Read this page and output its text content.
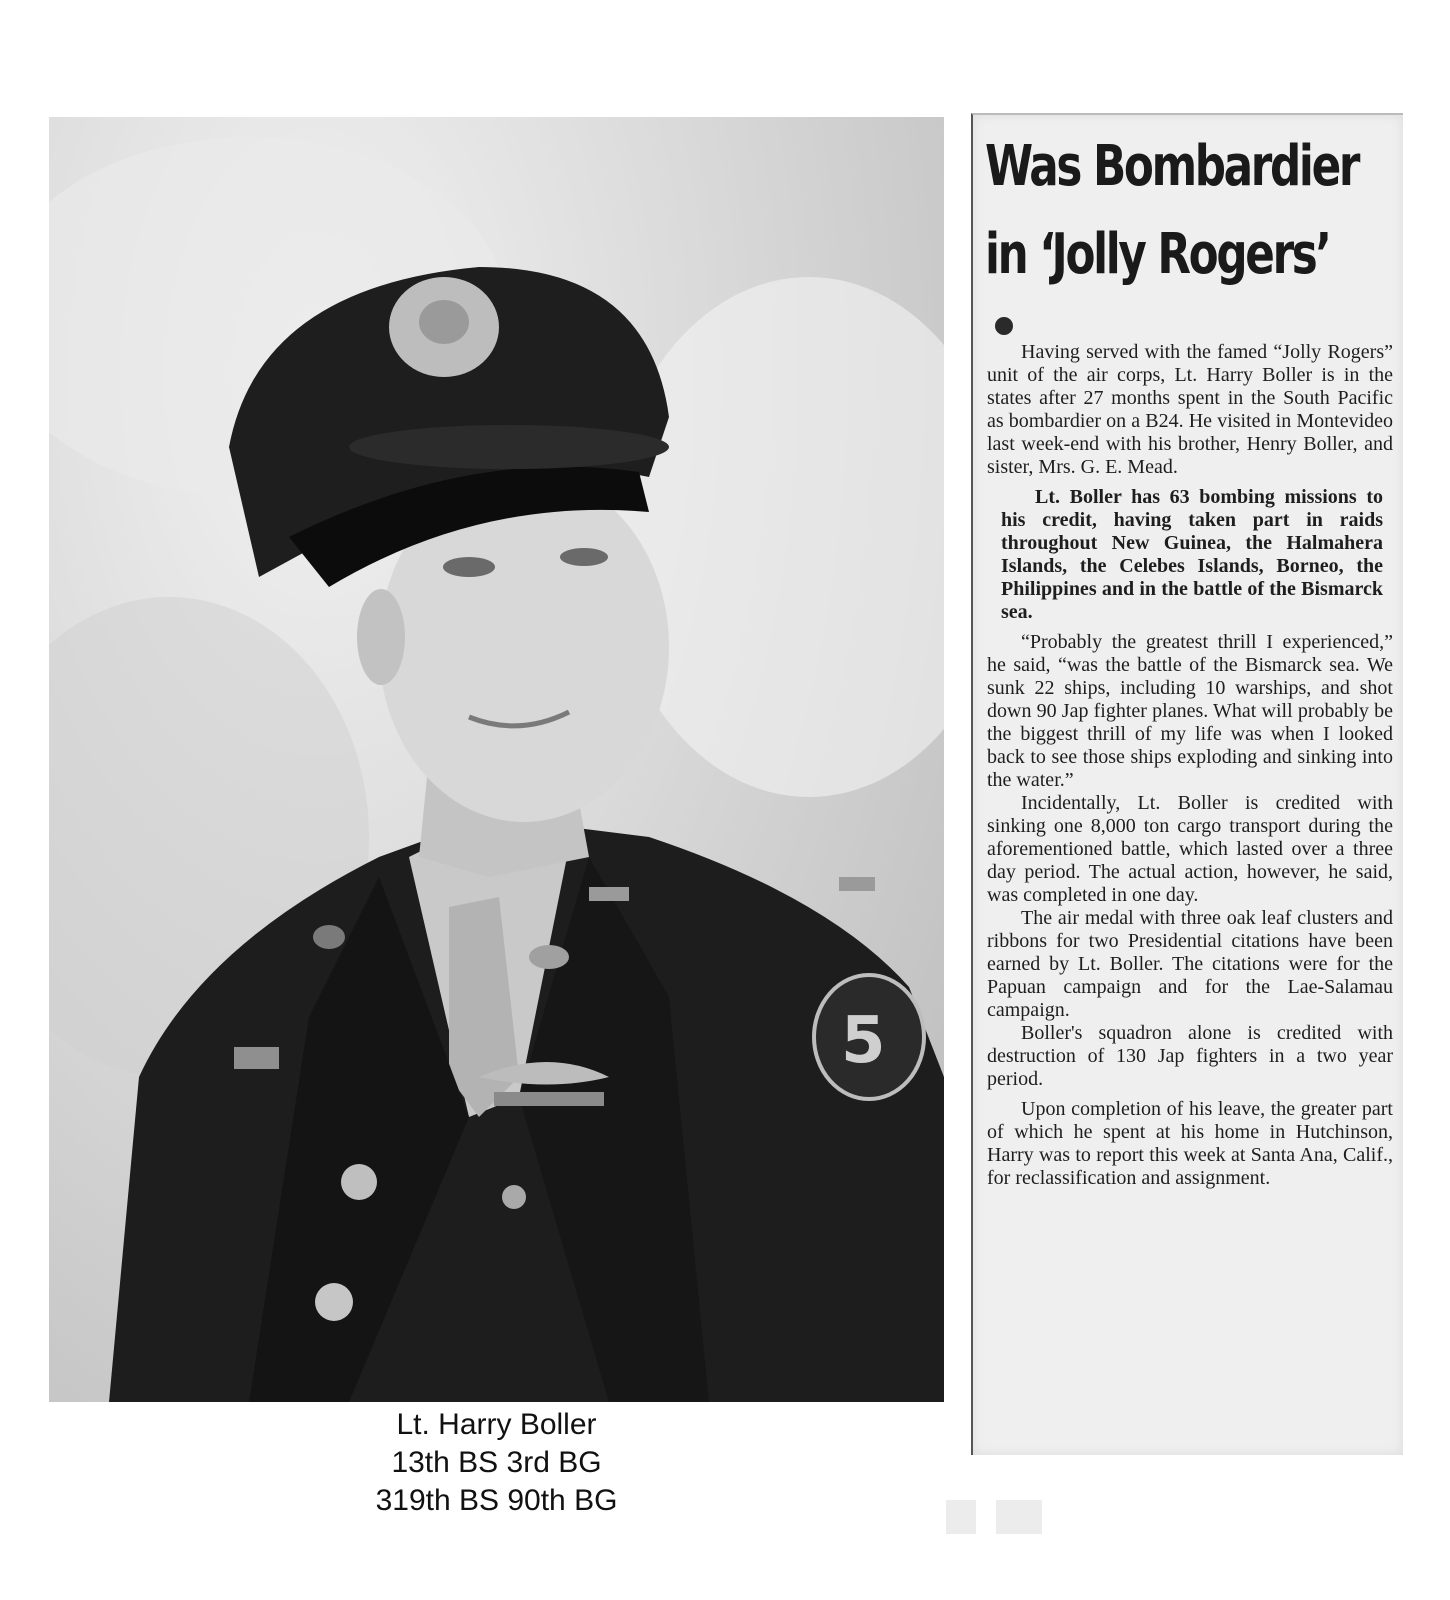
5
Lt. Harry Boller
13th BS 3rd BG
319th BS 90th BG
Was Bombardier
in ‘Jolly Rogers’

Having served with the famed “Jolly Rogers” unit of the air corps, Lt. Harry Boller is in the states after 27 months spent in the South Pacific as bombardier on a B24. He visited in Montevideo last week-end with his brother, Henry Boller, and sister, Mrs. G. E. Mead.

Lt. Boller has 63 bombing missions to his credit, having taken part in raids throughout New Guinea, the Halmahera Islands, the Celebes Islands, Borneo, the Philippines and in the battle of the Bismarck sea.

“Probably the greatest thrill I experienced,” he said, “was the battle of the Bismarck sea. We sunk 22 ships, including 10 warships, and shot down 90 Jap fighter planes. What will probably be the biggest thrill of my life was when I looked back to see those ships exploding and sinking into the water.”

Incidentally, Lt. Boller is credited with sinking one 8,000 ton cargo transport during the aforementioned battle, which lasted over a three day period. The actual action, however, he said, was completed in one day.

The air medal with three oak leaf clusters and ribbons for two Presidential citations have been earned by Lt. Boller. The citations were for the Papuan campaign and for the Lae-Salamau campaign.

Boller's squadron alone is credited with destruction of 130 Jap fighters in a two year period.

Upon completion of his leave, the greater part of which he spent at his home in Hutchinson, Harry was to report this week at Santa Ana, Calif., for reclassification and assignment.
